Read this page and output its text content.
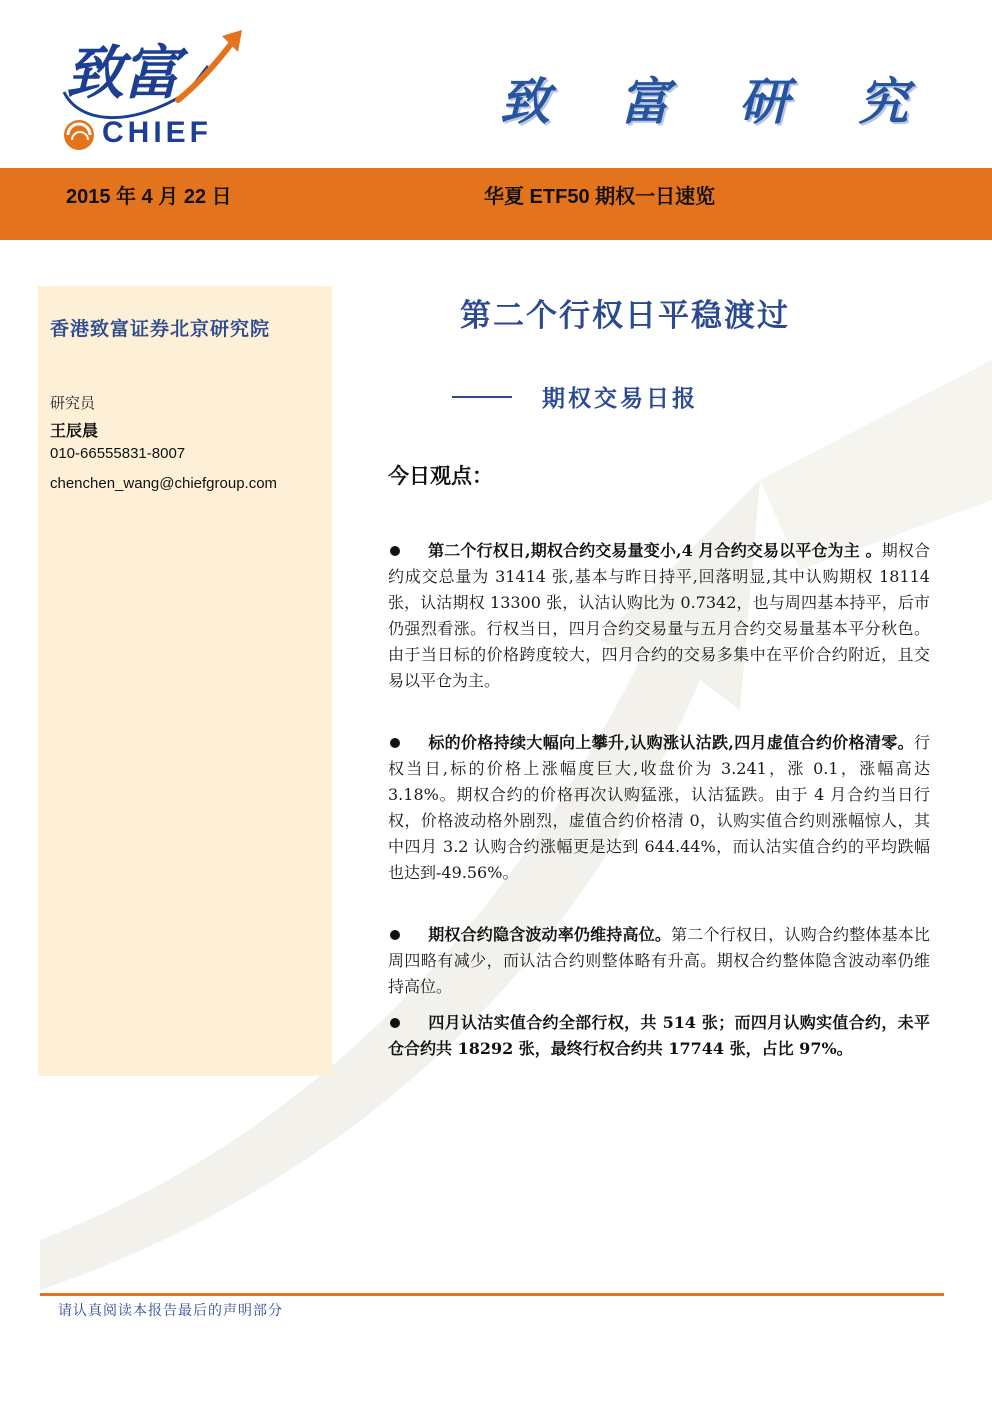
致富
CHIEF
致 富 研 究
2015 年 4 月 22 日	华夏 ETF50 期权一日速览
香港致富证券北京研究院
研究员
王辰晨
010-66555831-8007
chenchen_wang@chiefgroup.com
第二个行权日平稳渡过
期权交易日报
今日观点：
第二个行权日,期权合约交易量变小,4 月合约交易以平仓为主 。期权合约成交总量为 31414 张,基本与昨日持平,回落明显,其中认购期权 18114 张，认沽期权 13300 张，认沽认购比为 0.7342，也与周四基本持平，后市仍强烈看涨。行权当日，四月合约交易量与五月合约交易量基本平分秋色。由于当日标的价格跨度较大，四月合约的交易多集中在平价合约附近，且交易以平仓为主。
标的价格持续大幅向上攀升,认购涨认沽跌,四月虚值合约价格清零。行权当日,标的价格上涨幅度巨大,收盘价为 3.241，涨 0.1，涨幅高达 3.18%。期权合约的价格再次认购猛涨，认沽猛跌。由于 4 月合约当日行权，价格波动格外剧烈，虚值合约价格清 0，认购实值合约则涨幅惊人，其中四月 3.2 认购合约涨幅更是达到 644.44%，而认沽实值合约的平均跌幅也达到-49.56%。
期权合约隐含波动率仍维持高位。第二个行权日，认购合约整体基本比周四略有减少，而认沽合约则整体略有升高。期权合约整体隐含波动率仍维持高位。
四月认沽实值合约全部行权，共 514 张；而四月认购实值合约，未平仓合约共 18292 张，最终行权合约共 17744 张，占比 97%。
请认真阅读本报告最后的声明部分
